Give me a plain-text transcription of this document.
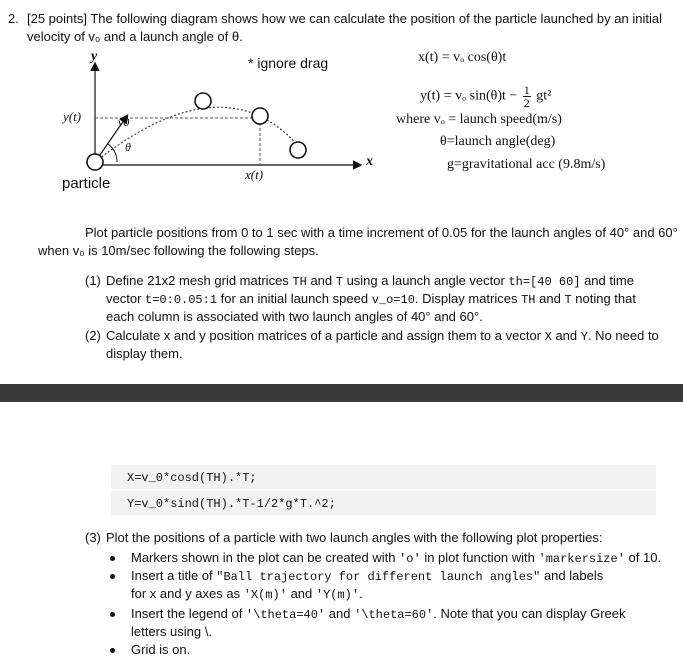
2. [25 points] The following diagram shows how we can calculate the position of the particle launched by an initial
velocity of v₀ and a launch angle of θ.
y
y(t)	v0
θ
x
x(t)
particle
* ignore drag	x(t) = vₒ cos(θ)t
y(t) = vₒ $\sin(\theta)t - \frac{1}{2} gt^2$
where vₒ = launch speed(m/s)
θ=launch angle(deg)
g=gravitational acc (9.8m/s)
Plot particle positions from 0 to 1 sec with a time increment of 0.05 for the launch angles of 40° and 60°
when v₀ is 10m/sec following the following steps.
(1) Define 21x2 mesh grid matrices TH and T using a launch angle vector th=[40 60] and time
vector t=0:0.05:1 for an initial launch speed v_o=10. Display matrices TH and T noting that
each column is associated with two launch angles of 40° and 60°.
(2) Calculate x and y position matrices of a particle and assign them to a vector X and Y. No need to
display them.
X=v_0*cosd(TH).*T;
Y=v_0*sind(TH).*T-1/2*g*T.^2;
(3) Plot the positions of a particle with two launch angles with the following plot properties:
Markers shown in the plot can be created with 'o' in plot function with 'markersize' of 10.
Insert a title of "Ball trajectory for different launch angles" and labels
for x and y axes as 'X(m)' and 'Y(m)'.
Insert the legend of '\theta=40' and '\theta=60'. Note that you can display Greek
letters using \.
Grid is on.
